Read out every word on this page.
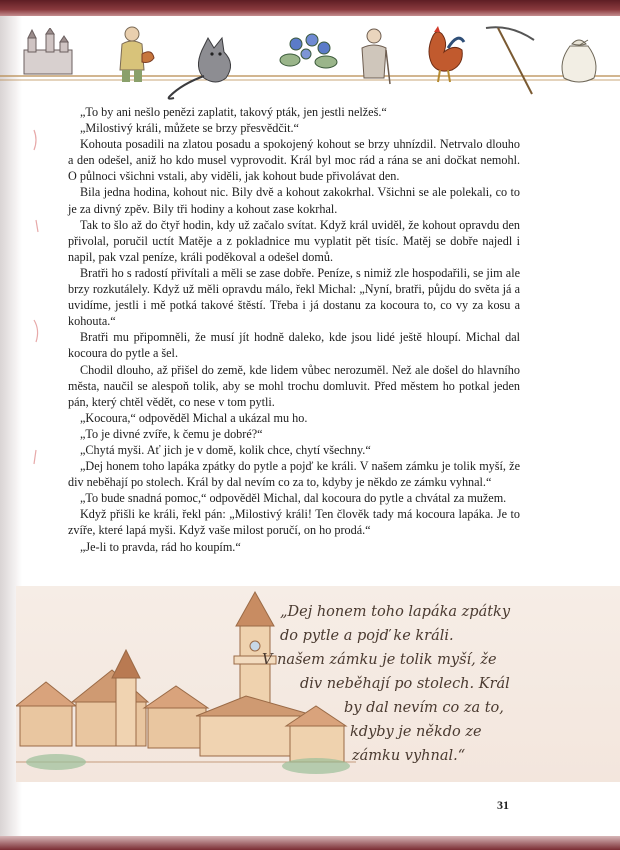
„To by ani nešlo penězi zaplatit, takový pták, jen jestli nelžeš.“

„Milostivý králi, můžete se brzy přesvědčit.“

Kohouta posadili na zlatou posadu a spokojený kohout se brzy uhnízdil. Netrvalo dlouho a den odešel, aniž ho kdo musel vyprovodit. Král byl moc rád a rána se ani dočkat nemohl. O půlnoci všichni vstali, aby viděli, jak kohout bude přivolávat den.

Bila jedna hodina, kohout nic. Bily dvě a kohout zakokrhal. Všichni se ale polekali, co to je za divný zpěv. Bily tři hodiny a kohout zase kokrhal.

Tak to šlo až do čtyř hodin, kdy už začalo svítat. Když král uviděl, že kohout opravdu den přivolal, poručil uctít Matěje a z pokladnice mu vyplatit pět tisíc. Matěj se dobře najedl i napil, pak vzal peníze, králi poděkoval a odešel domů.

Bratři ho s radostí přivítali a měli se zase dobře. Peníze, s nimiž zle hospodařili, se jim ale brzy rozkutálely. Když už měli opravdu málo, řekl Michal: „Nyní, bratři, půjdu do světa já a uvidíme, jestli i mě potká takové štěstí. Třeba i já dostanu za kocoura to, co vy za kosu a kohouta.“

Bratři mu připomněli, že musí jít hodně daleko, kde jsou lidé ještě hloupí. Michal dal kocoura do pytle a šel.

Chodil dlouho, až přišel do země, kde lidem vůbec nerozuměl. Než ale došel do hlavního města, naučil se alespoň tolik, aby se mohl trochu domluvit. Před městem ho potkal jeden pán, který chtěl vědět, co nese v tom pytli.

„Kocoura,“ odpověděl Michal a ukázal mu ho.

„To je divné zvíře, k čemu je dobré?“

„Chytá myši. Ať jich je v domě, kolik chce, chytí všechny.“

„Dej honem toho lapáka zpátky do pytle a pojď ke králi. V našem zámku je tolik myší, že div neběhají po stolech. Král by dal nevím co za to, kdyby je někdo ze zámku vyhnal.“

„To bude snadná pomoc,“ odpověděl Michal, dal kocoura do pytle a chvátal za mužem.

Když přišli ke králi, řekl pán: „Milostivý králi! Ten člověk tady má kocoura lapáka. Je to zvíře, které lapá myši. Když vaše milost poručí, on ho prodá.“

„Je-li to pravda, rád ho koupím.“

„Dej honem toho lapáka zpátky
do pytle a pojď ke králi.
V našem zámku je tolik myší, že
div neběhají po stolech. Král
by dal nevím co za to,
kdyby je někdo ze
zámku vyhnal.“
31
